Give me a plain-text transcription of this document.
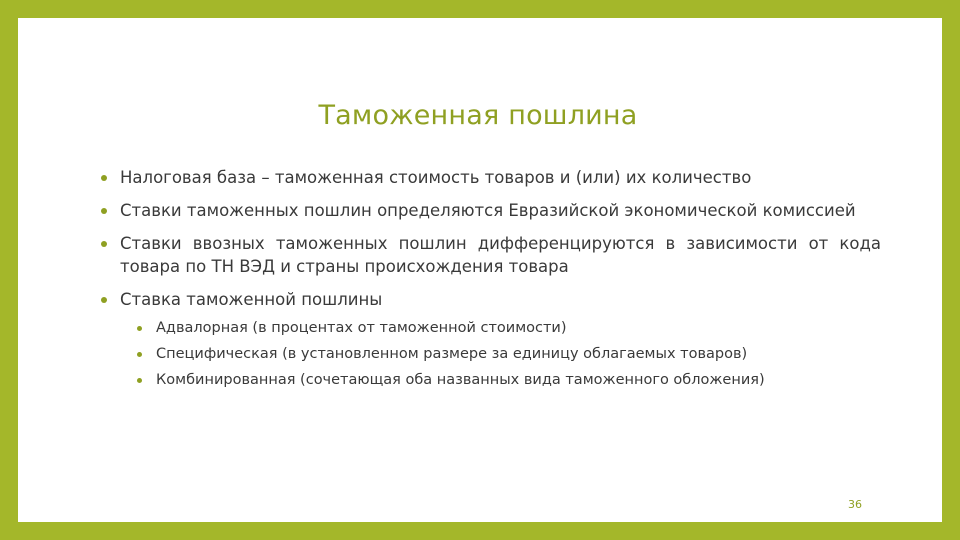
Таможенная пошлина
Налоговая база – таможенная стоимость товаров и (или) их количество
Ставки таможенных пошлин определяются Евразийской экономической комиссией
Ставки ввозных таможенных пошлин дифференцируются в зависимости от кода товара по ТН ВЭД и страны происхождения товара
Ставка таможенной пошлины
Адвалорная (в процентах от таможенной стоимости)
Специфическая (в установленном размере за единицу облагаемых товаров)
Комбинированная (сочетающая оба названных вида таможенного обложения)
36
